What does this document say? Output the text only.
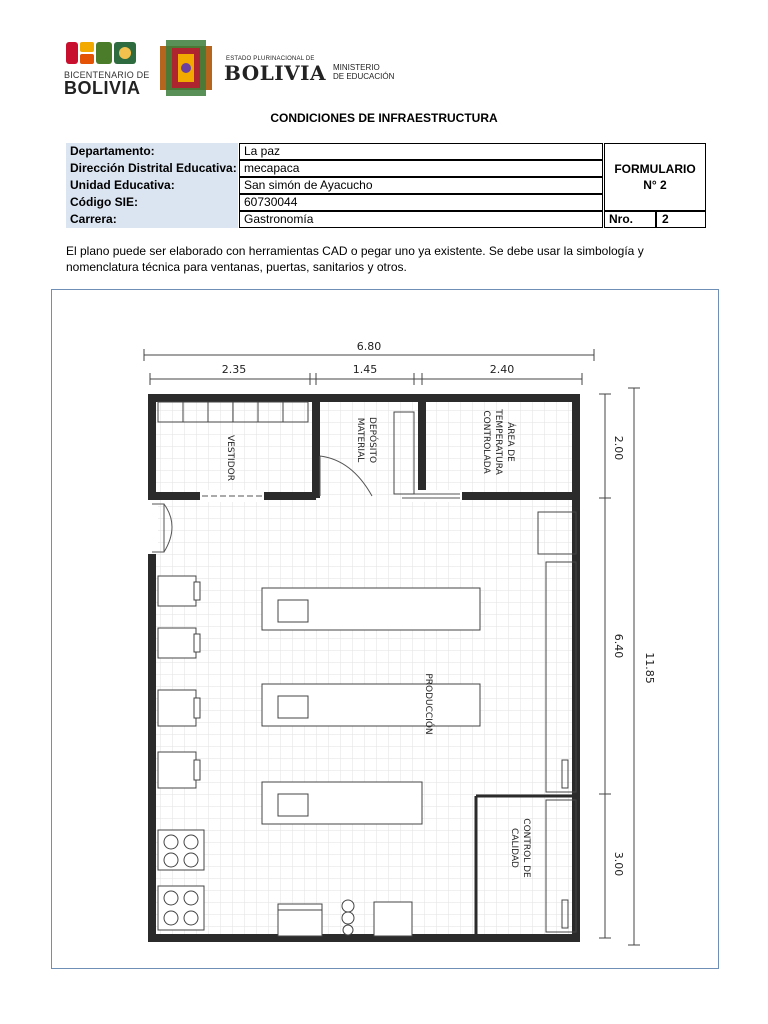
BICENTENARIO DE
BOLIVIA
ESTADO PLURINACIONAL DE
BOLIVIA MINISTERIO
DE EDUCACIÓN
CONDICIONES DE INFRAESTRUCTURA
Departamento:	La paz
Dirección Distrital Educativa: mecapaca
Unidad Educativa:	San simón de Ayacucho
Código SIE:	60730044
Carrera:	Gastronomía
FORMULARIO
N° 2
Nro.	2
El plano puede ser elaborado con herramientas CAD o pegar uno ya existente. Se debe usar la simbología y nomenclatura técnica para ventanas, puertas, sanitarios y otros.
6.80
2.35	1.45	2.40
2.00
6.40
3.00
11.85
VESTIDOR	DEPÓSITO
MATERIAL	ÁREA DE
TEMPERATURA
CONTROLADA
PRODUCCIÓN
CONTROL DE
CALIDAD
